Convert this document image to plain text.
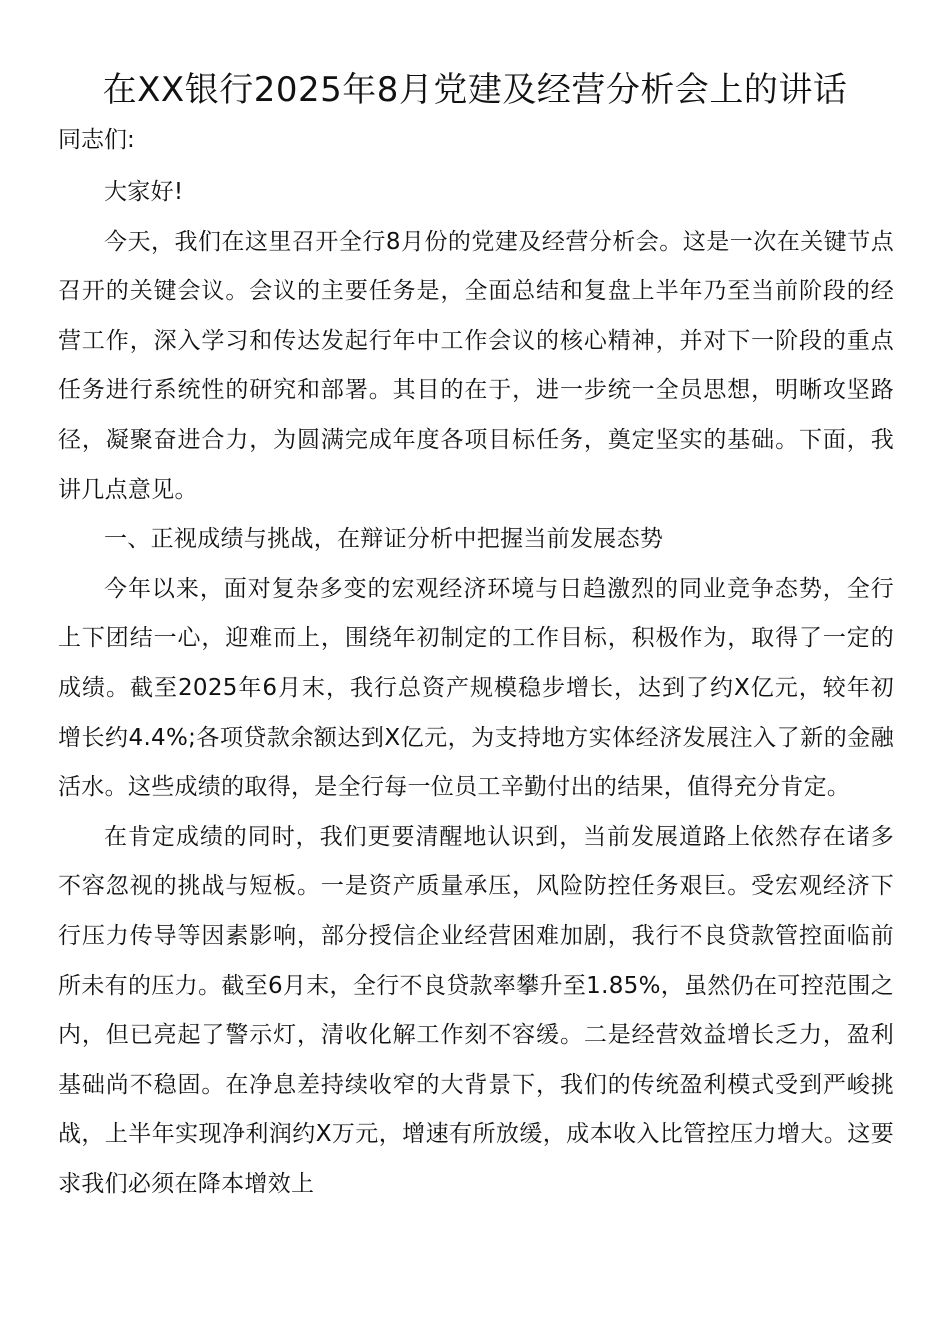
在XX银行2025年8月党建及经营分析会上的讲话
同志们:

大家好!

今天，我们在这里召开全行8月份的党建及经营分析会。这是一次在关键节点召开的关键会议。会议的主要任务是，全面总结和复盘上半年乃至当前阶段的经营工作，深入学习和传达发起行年中工作会议的核心精神，并对下一阶段的重点任务进行系统性的研究和部署。其目的在于，进一步统一全员思想，明晰攻坚路径，凝聚奋进合力，为圆满完成年度各项目标任务，奠定坚实的基础。下面，我讲几点意见。

一、正视成绩与挑战，在辩证分析中把握当前发展态势

今年以来，面对复杂多变的宏观经济环境与日趋激烈的同业竞争态势，全行上下团结一心，迎难而上，围绕年初制定的工作目标，积极作为，取得了一定的成绩。截至2025年6月末，我行总资产规模稳步增长，达到了约X亿元，较年初增长约4.4%;各项贷款余额达到X亿元，为支持地方实体经济发展注入了新的金融活水。这些成绩的取得，是全行每一位员工辛勤付出的结果，值得充分肯定。

在肯定成绩的同时，我们更要清醒地认识到，当前发展道路上依然存在诸多不容忽视的挑战与短板。一是资产质量承压，风险防控任务艰巨。受宏观经济下行压力传导等因素影响，部分授信企业经营困难加剧，我行不良贷款管控面临前所未有的压力。截至6月末，全行不良贷款率攀升至1.85%，虽然仍在可控范围之内，但已亮起了警示灯，清收化解工作刻不容缓。二是经营效益增长乏力，盈利基础尚不稳固。在净息差持续收窄的大背景下，我们的传统盈利模式受到严峻挑战，上半年实现净利润约X万元，增速有所放缓，成本收入比管控压力增大。这要求我们必须在降本增效上
